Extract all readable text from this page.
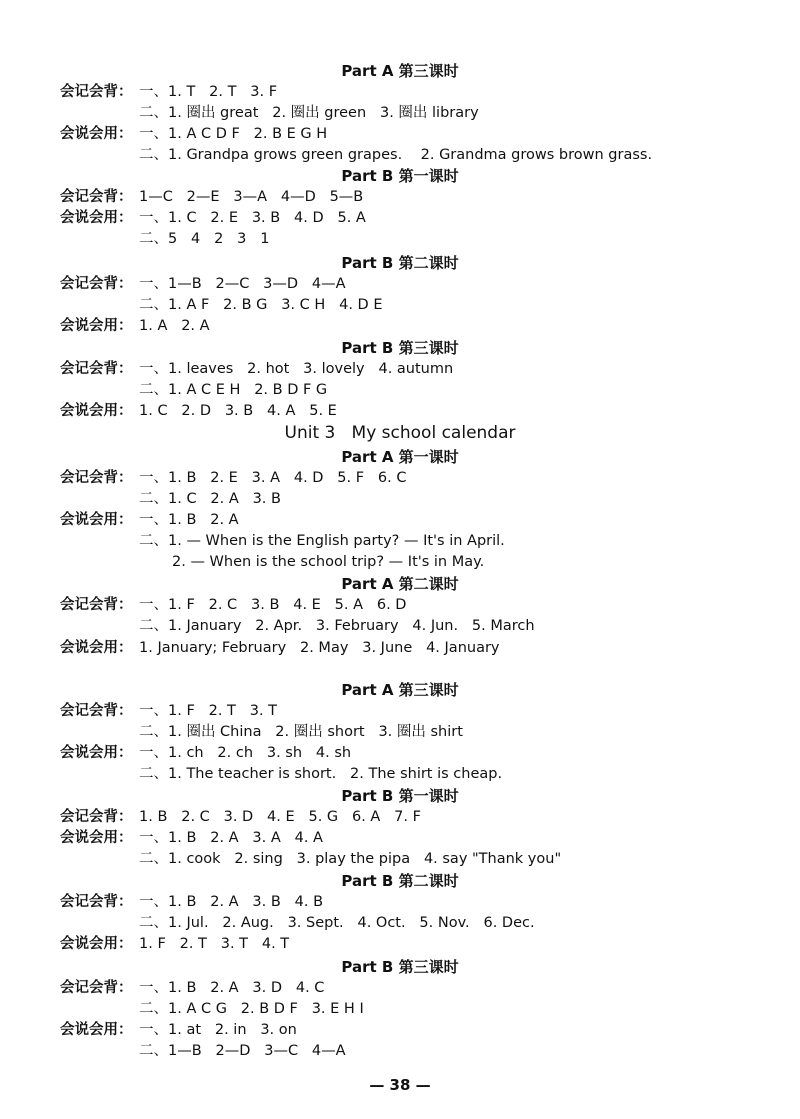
Part A 第三课时
会记会背： 一、1. T   2. T   3. F
二、1. 圈出 great   2. 圈出 green   3. 圈出 library
会说会用： 一、1. A C D F   2. B E G H
二、1. Grandpa grows green grapes.    2. Grandma grows brown grass.
Part B 第一课时
会记会背： 1—C   2—E   3—A   4—D   5—B
会说会用： 一、1. C   2. E   3. B   4. D   5. A
二、5   4   2   3   1
Part B 第二课时
会记会背： 一、1—B   2—C   3—D   4—A
二、1. A F   2. B G   3. C H   4. D E
会说会用： 1. A   2. A
Part B 第三课时
会记会背： 一、1. leaves   2. hot   3. lovely   4. autumn
二、1. A C E H   2. B D F G
会说会用： 1. C   2. D   3. B   4. A   5. E
Unit 3   My school calendar
Part A 第一课时
会记会背： 一、1. B   2. E   3. A   4. D   5. F   6. C
二、1. C   2. A   3. B
会说会用： 一、1. B   2. A
二、1. — When is the English party? — It's in April.
2. — When is the school trip? — It's in May.
Part A 第二课时
会记会背： 一、1. F   2. C   3. B   4. E   5. A   6. D
二、1. January   2. Apr.   3. February   4. Jun.   5. March
会说会用： 1. January; February   2. May   3. June   4. January
Part A 第三课时
会记会背： 一、1. F   2. T   3. T
二、1. 圈出 China   2. 圈出 short   3. 圈出 shirt
会说会用： 一、1. ch   2. ch   3. sh   4. sh
二、1. The teacher is short.   2. The shirt is cheap.
Part B 第一课时
会记会背： 1. B   2. C   3. D   4. E   5. G   6. A   7. F
会说会用： 一、1. B   2. A   3. A   4. A
二、1. cook   2. sing   3. play the pipa   4. say "Thank you"
Part B 第二课时
会记会背： 一、1. B   2. A   3. B   4. B
二、1. Jul.   2. Aug.   3. Sept.   4. Oct.   5. Nov.   6. Dec.
会说会用： 1. F   2. T   3. T   4. T
Part B 第三课时
会记会背： 一、1. B   2. A   3. D   4. C
二、1. A C G   2. B D F   3. E H I
会说会用： 一、1. at   2. in   3. on
二、1—B   2—D   3—C   4—A
— 38 —
